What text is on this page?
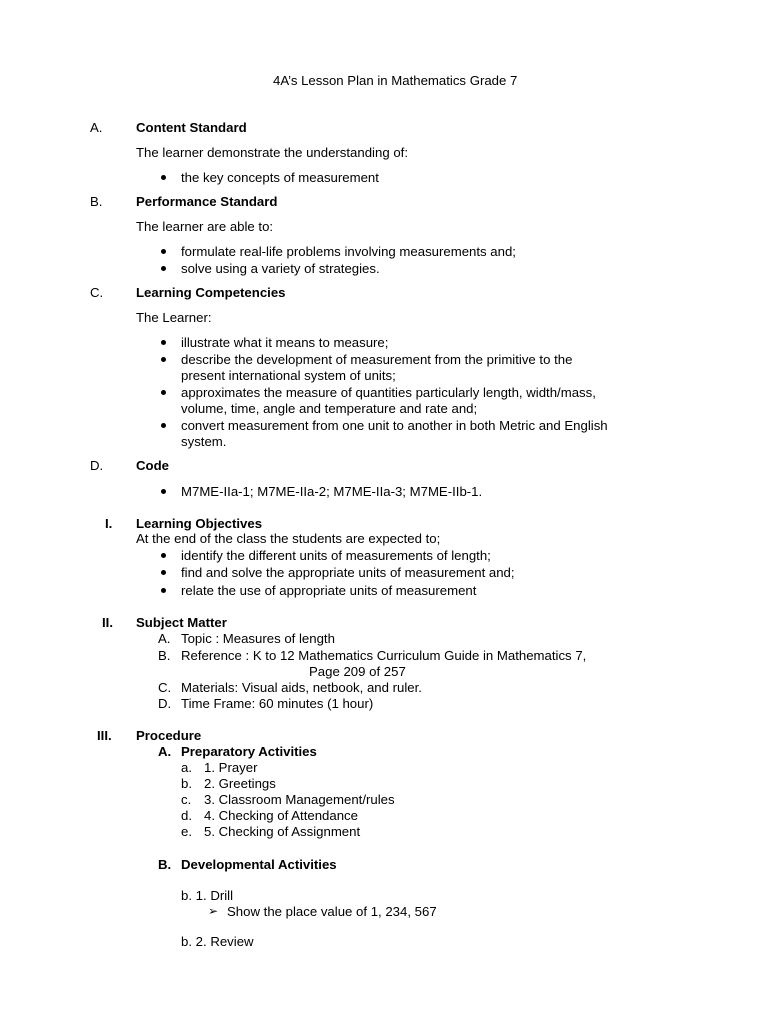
4A’s Lesson Plan in Mathematics Grade 7
A.	Content Standard
The learner demonstrate the understanding of:
the key concepts of measurement
B.	Performance Standard
The learner are able to:
formulate real-life problems involving measurements and;
solve using a variety of strategies.
C. Learning Competencies
The Learner:
illustrate what it means to measure;
describe the development of measurement from the primitive to the
present international system of units;
approximates the measure of quantities particularly length, width/mass,
volume, time, angle and temperature and rate and;
convert measurement from one unit to another in both Metric and English
system.
D. Code
M7ME-IIa-1; M7ME-IIa-2; M7ME-IIa-3; M7ME-IIb-1.
I. Learning Objectives
At the end of the class the students are expected to;
identify the different units of measurements of length;
find and solve the appropriate units of measurement and;
relate the use of appropriate units of measurement
II. Subject Matter
A. Topic : Measures of length
B. Reference : K to 12 Mathematics Curriculum Guide in Mathematics 7,
Page 209 of 257
C. Materials: Visual aids, netbook, and ruler.
D. Time Frame: 60 minutes (1 hour)
III. Procedure
A. Preparatory Activities
a. 1. Prayer
b. 2. Greetings
c. 3. Classroom Management/rules
d. 4. Checking of Attendance
e. 5. Checking of Assignment
B. Developmental Activities
b. 1. Drill
➢ Show the place value of 1, 234, 567
b. 2. Review
